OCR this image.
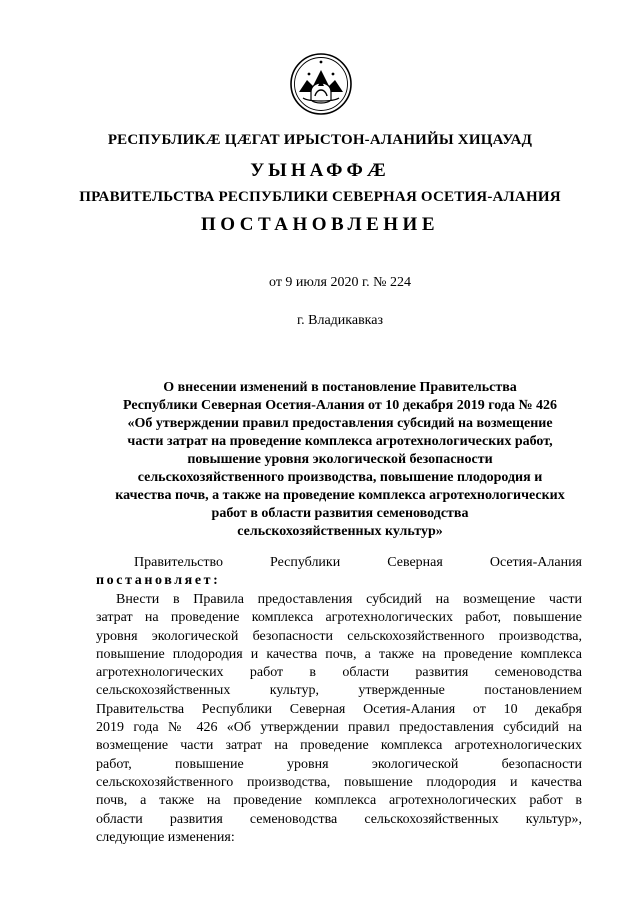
РЕСПУБЛИКӔ ЦӔГАТ ИРЫСТОН-АЛАНИЙЫ ХИЦАУАД
УЫНАФФӔ
ПРАВИТЕЛЬСТВА РЕСПУБЛИКИ СЕВЕРНАЯ ОСЕТИЯ-АЛАНИЯ
ПОСТАНОВЛЕНИЕ
от 9 июля 2020 г. № 224
г. Владикавказ
О внесении изменений в постановление Правительства
Республики Северная Осетия-Алания от 10 декабря 2019 года № 426
«Об утверждении правил предоставления субсидий на возмещение
части затрат на проведение комплекса агротехнологических работ,
повышение уровня экологической безопасности
сельскохозяйственного производства, повышение плодородия и
качества почв, а также на проведение комплекса агротехнологических
работ в области развития семеноводства
сельскохозяйственных культур»
Правительство	Республики	Северная	Осетия-Алания
постановляет:
Внести в Правила предоставления субсидий на возмещение части
затрат на проведение комплекса агротехнологических работ, повышение
уровня экологической безопасности сельскохозяйственного производства,
повышение плодородия и качества почв, а также на проведение комплекса
агротехнологических работ в области развития семеноводства
сельскохозяйственных культур, утвержденные постановлением
Правительства Республики Северная Осетия-Алания от 10 декабря
2019 года № 426 «Об утверждении правил предоставления субсидий на
возмещение части затрат на проведение комплекса агротехнологических
работ, повышение уровня экологической безопасности
сельскохозяйственного производства, повышение плодородия и качества
почв, а также на проведение комплекса агротехнологических работ в
области развития семеноводства сельскохозяйственных культур»,
следующие изменения:
